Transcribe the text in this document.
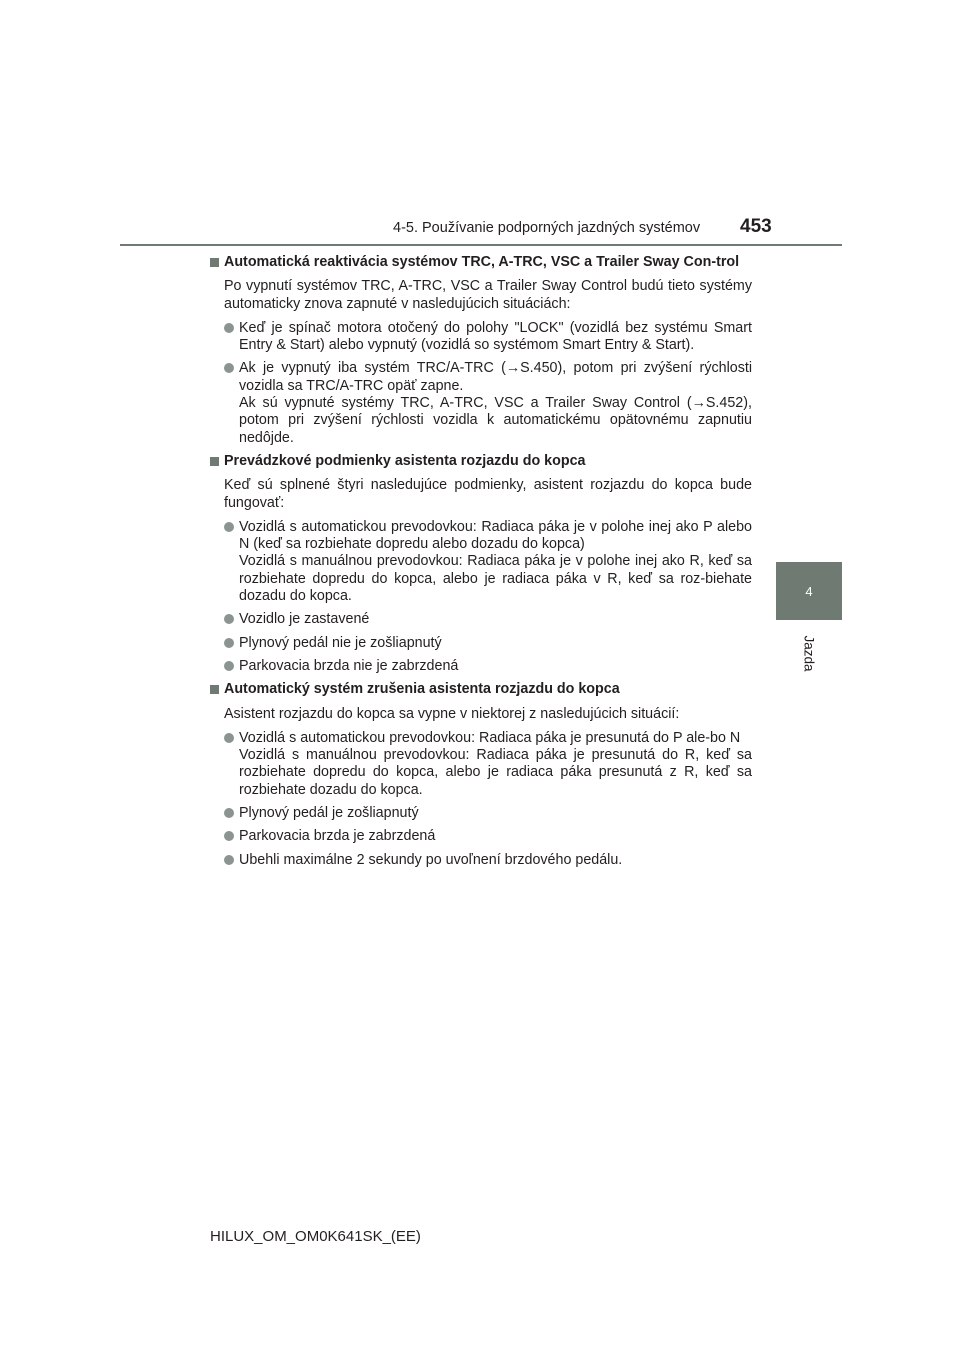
4-5. Používanie podporných jazdných systémov 453
4
Jazda
Automatická reaktivácia systémov TRC, A-TRC, VSC a Trailer Sway Con-trol
Po vypnutí systémov TRC, A-TRC, VSC a Trailer Sway Control budú tieto systémy automaticky znova zapnuté v nasledujúcich situáciách:
Keď je spínač motora otočený do polohy "LOCK" (vozidlá bez systému Smart Entry & Start) alebo vypnutý (vozidlá so systémom Smart Entry & Start).
Ak je vypnutý iba systém TRC/A-TRC (→S.450), potom pri zvýšení rýchlosti vozidla sa TRC/A-TRC opäť zapne.
Ak sú vypnuté systémy TRC, A-TRC, VSC a Trailer Sway Control (→S.452), potom pri zvýšení rýchlosti vozidla k automatickému opätovnému zapnutiu nedôjde.
Prevádzkové podmienky asistenta rozjazdu do kopca
Keď sú splnené štyri nasledujúce podmienky, asistent rozjazdu do kopca bude fungovať:
Vozidlá s automatickou prevodovkou: Radiaca páka je v polohe inej ako P alebo N (keď sa rozbiehate dopredu alebo dozadu do kopca)
Vozidlá s manuálnou prevodovkou: Radiaca páka je v polohe inej ako R, keď sa rozbiehate dopredu do kopca, alebo je radiaca páka v R, keď sa roz-biehate dozadu do kopca.
Vozidlo je zastavené
Plynový pedál nie je zošliapnutý
Parkovacia brzda nie je zabrzdená
Automatický systém zrušenia asistenta rozjazdu do kopca
Asistent rozjazdu do kopca sa vypne v niektorej z nasledujúcich situácií:
Vozidlá s automatickou prevodovkou: Radiaca páka je presunutá do P ale-bo N
Vozidlá s manuálnou prevodovkou: Radiaca páka je presunutá do R, keď sa rozbiehate dopredu do kopca, alebo je radiaca páka presunutá z R, keď sa rozbiehate dozadu do kopca.
Plynový pedál je zošliapnutý
Parkovacia brzda je zabrzdená
Ubehli maximálne 2 sekundy po uvoľnení brzdového pedálu.
HILUX_OM_OM0K641SK_(EE)
